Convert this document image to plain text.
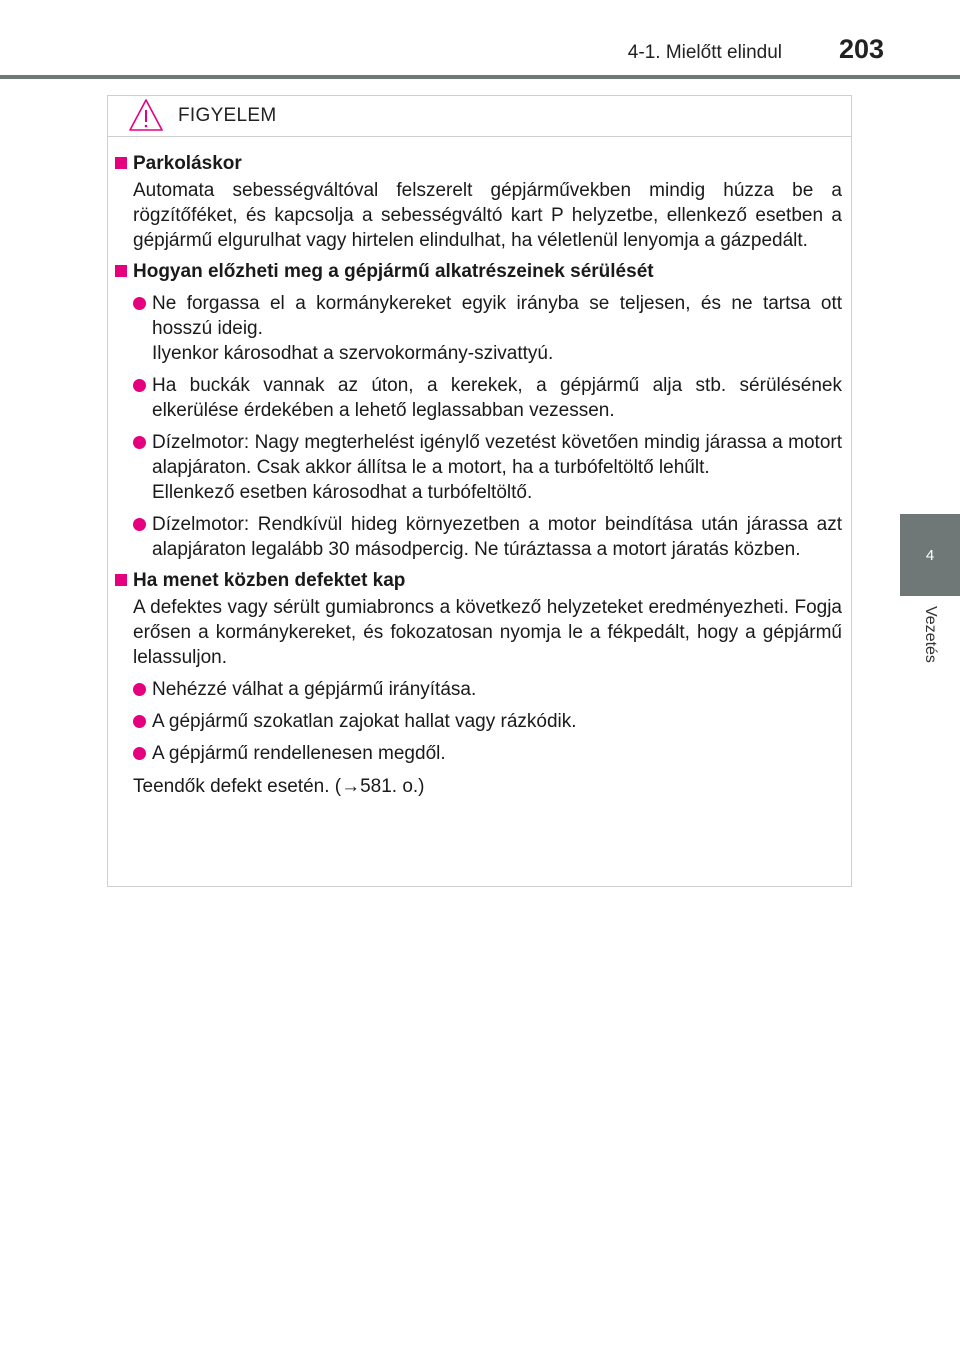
4-1. Mielőtt elindul 203
4
Vezetés
FIGYELEM
Parkoláskor
Automata sebességváltóval felszerelt gépjárművekben mindig húzza be a rögzítőféket, és kapcsolja a sebességváltó kart P helyzetbe, ellenkező esetben a gépjármű elgurulhat vagy hirtelen elindulhat, ha véletlenül lenyomja a gázpedált.
Hogyan előzheti meg a gépjármű alkatrészeinek sérülését
Ne forgassa el a kormánykereket egyik irányba se teljesen, és ne tartsa ott hosszú ideig.
Ilyenkor károsodhat a szervokormány-szivattyú.
Ha buckák vannak az úton, a kerekek, a gépjármű alja stb. sérülésének elkerülése érdekében a lehető leglassabban vezessen.
Dízelmotor: Nagy megterhelést igénylő vezetést követően mindig járassa a motort alapjáraton. Csak akkor állítsa le a motort, ha a turbófeltöltő lehűlt.
Ellenkező esetben károsodhat a turbófeltöltő.
Dízelmotor: Rendkívül hideg környezetben a motor beindítása után járassa azt alapjáraton legalább 30 másodpercig. Ne túráztassa a motort járatás közben.
Ha menet közben defektet kap
A defektes vagy sérült gumiabroncs a következő helyzeteket eredményezheti. Fogja erősen a kormánykereket, és fokozatosan nyomja le a fékpedált, hogy a gépjármű lelassuljon.
Nehézzé válhat a gépjármű irányítása.
A gépjármű szokatlan zajokat hallat vagy rázkódik.
A gépjármű rendellenesen megdől.
Teendők defekt esetén. (→581. o.)
